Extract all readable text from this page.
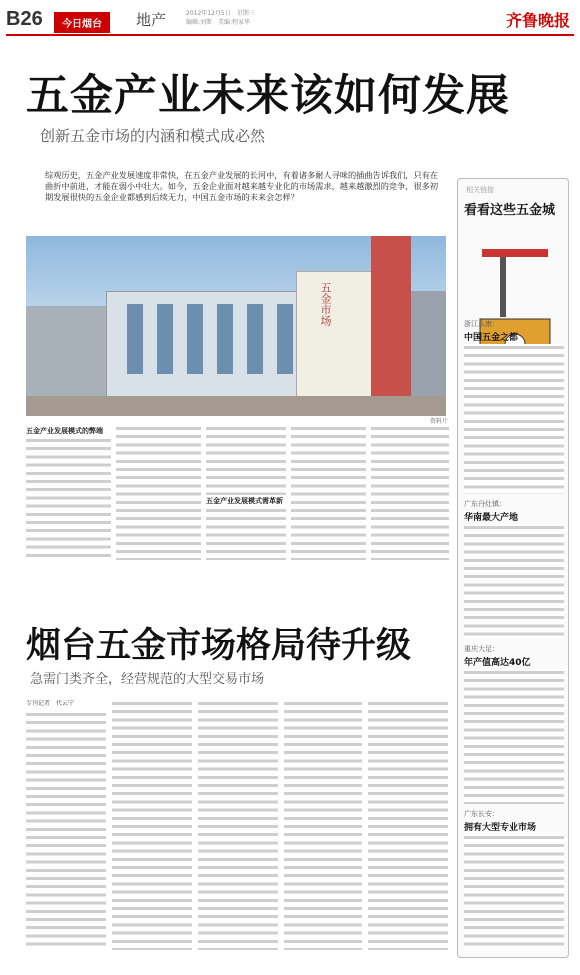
B26	今日烟台	地产	2012年12月5日　星期三
编辑:刘斯　美编:程家华	齐鲁晚报
五金产业未来该如何发展
创新五金市场的内涵和模式成必然

综观历史，五金产业发展速度非常快，在五金产业发展的长河中，有着诸多耐人寻味的插曲告诉我们，只有在曲折中前进，才能在弱小中壮大。如今，五金企业面对越来越专业化的市场需求，越来越激烈的竞争，很多初期发展很快的五金企业都感到后续无力，中国五金市场的未来会怎样？

五金市场
资料片
五金产业发展模式的弊端
五金产业发展模式需革新
烟台五金市场格局待升级
急需门类齐全，经营规范的大型交易市场
专刊记者　代云宁
相关链接
看看这些五金城
浙江永康：
中国五金之都
广东丹灶镇：
华南最大产地
重庆大足：
年产值高达40亿
广东长安：
拥有大型专业市场
